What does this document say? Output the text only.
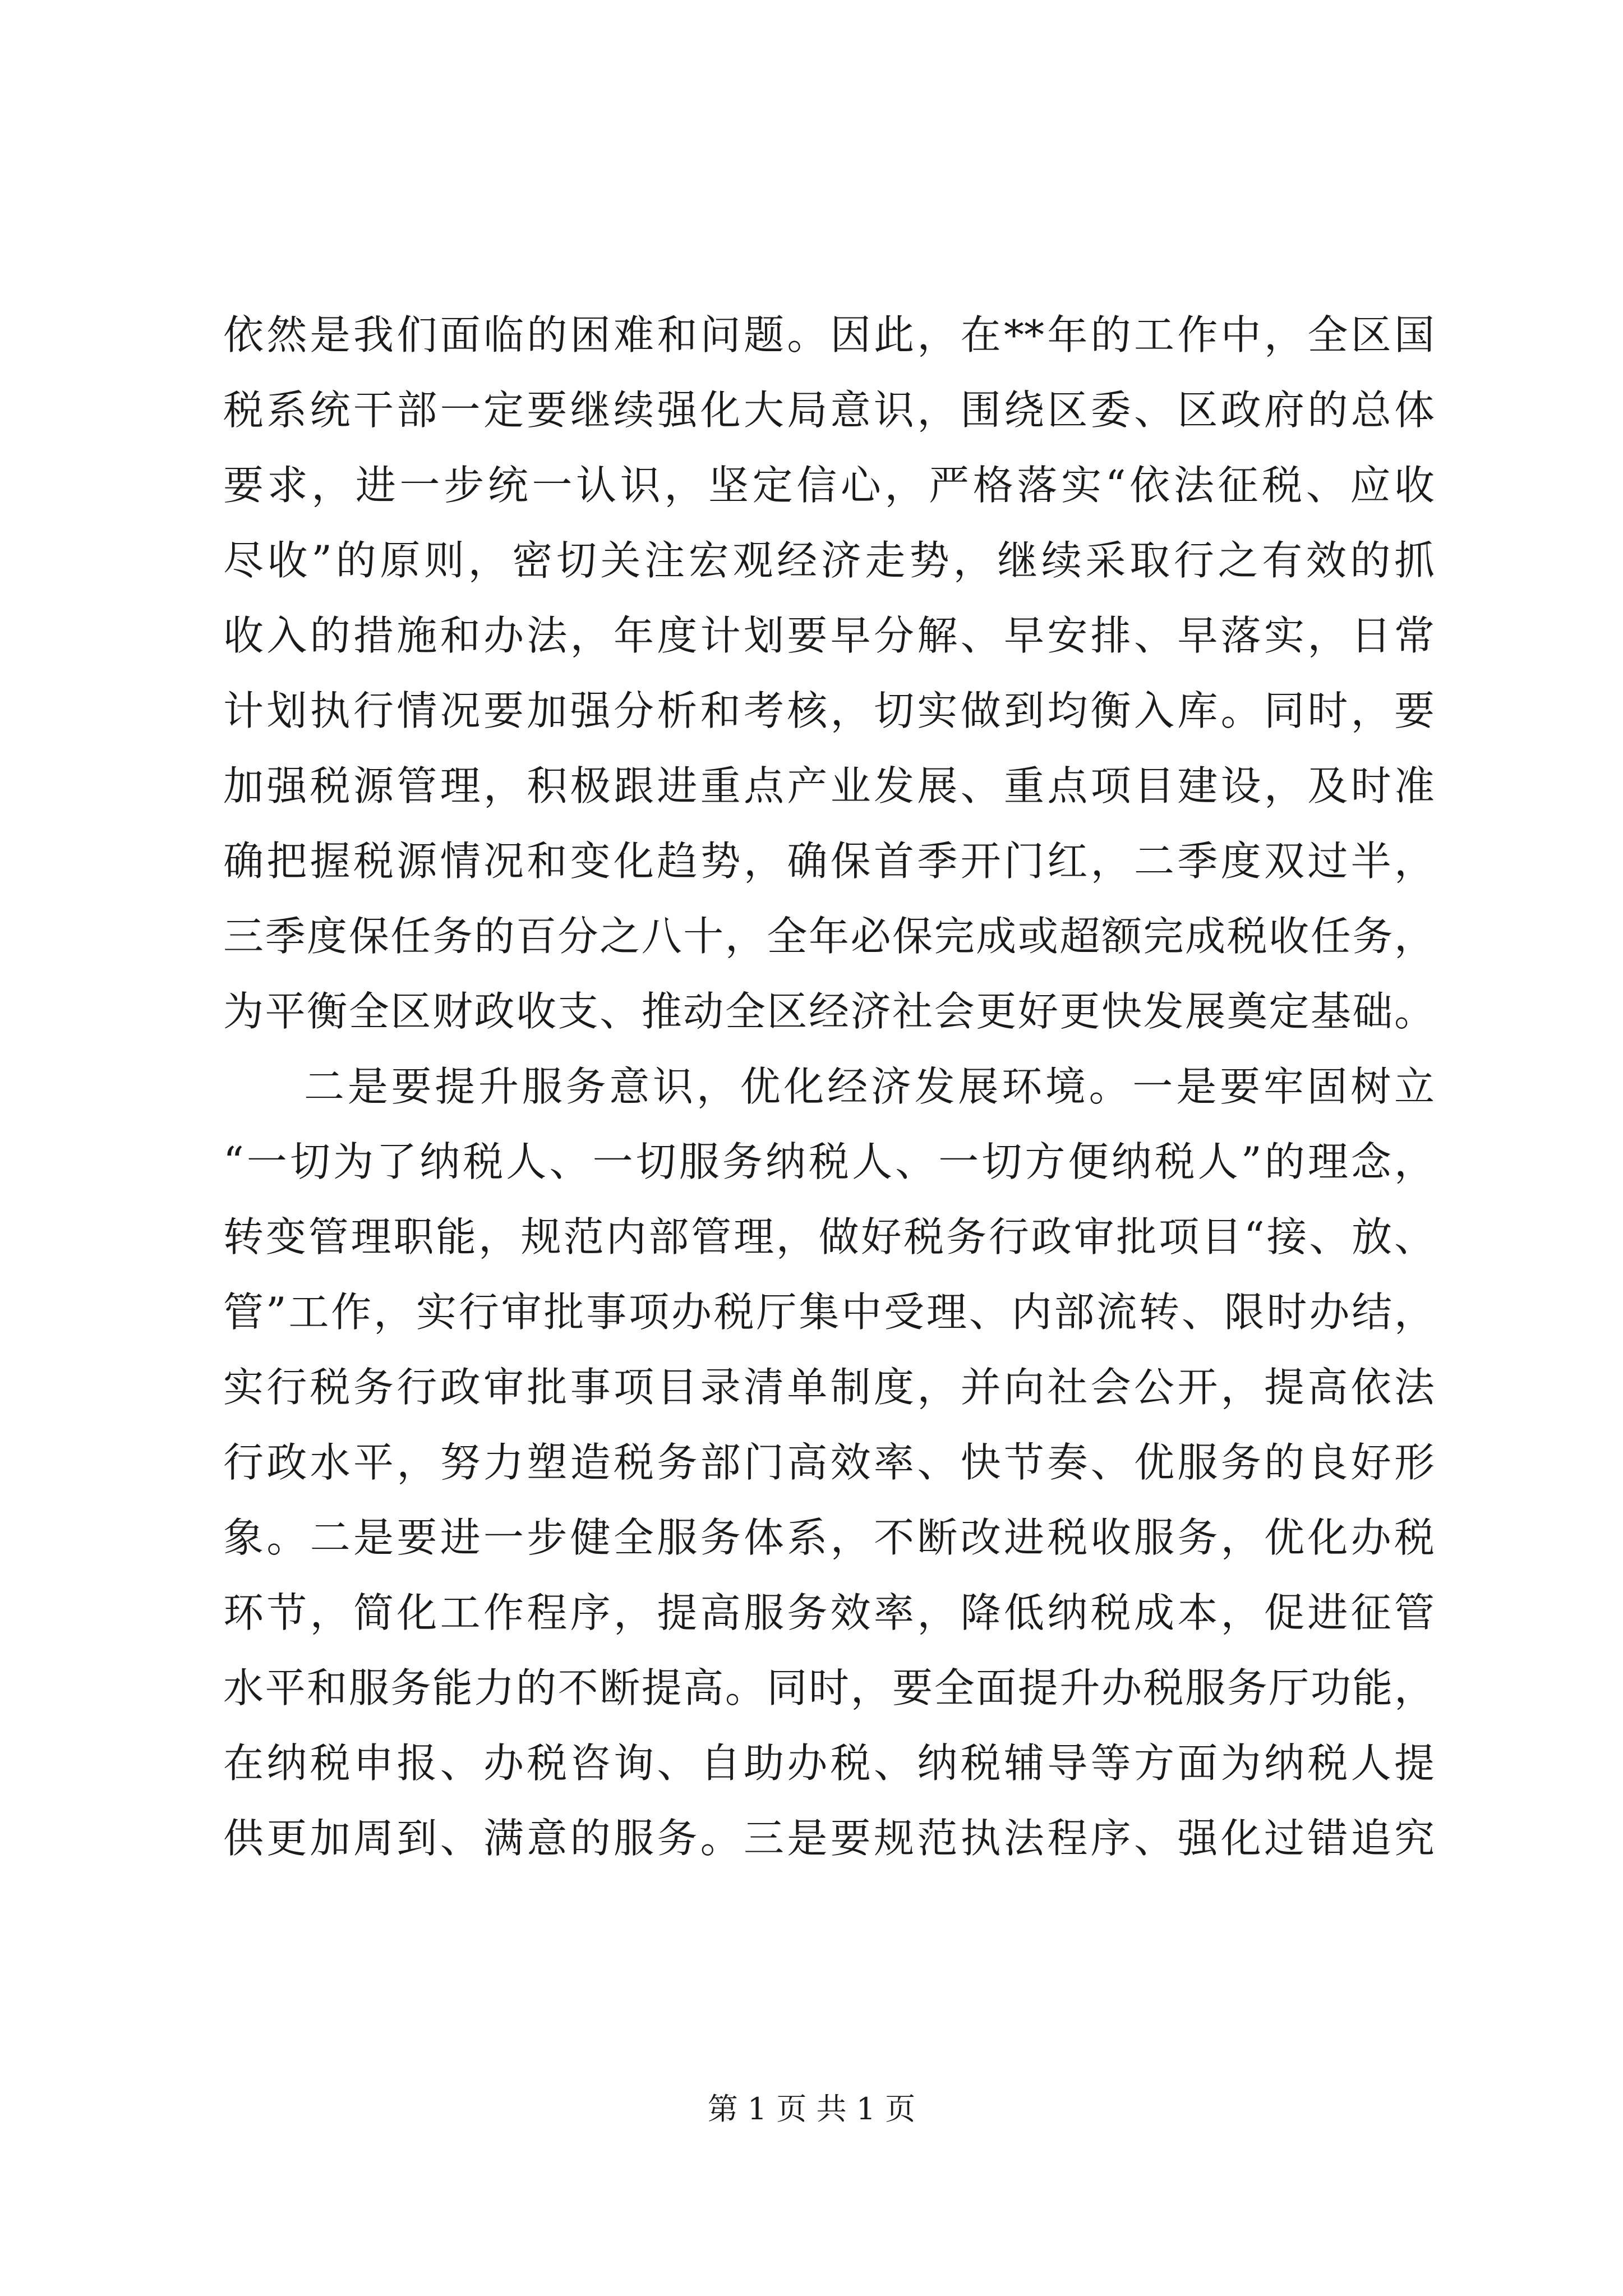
依然是我们面临的困难和问题。因此，在**年的工作中，全区国
税系统干部一定要继续强化大局意识，围绕区委、区政府的总体
要求，进一步统一认识，坚定信心，严格落实“依法征税、应收
尽收”的原则，密切关注宏观经济走势，继续采取行之有效的抓
收入的措施和办法，年度计划要早分解、早安排、早落实，日常
计划执行情况要加强分析和考核，切实做到均衡入库。同时，要
加强税源管理，积极跟进重点产业发展、重点项目建设，及时准
确把握税源情况和变化趋势，确保首季开门红，二季度双过半，
三季度保任务的百分之八十，全年必保完成或超额完成税收任务，
为平衡全区财政收支、推动全区经济社会更好更快发展奠定基础。
二是要提升服务意识，优化经济发展环境。一是要牢固树立
“一切为了纳税人、一切服务纳税人、一切方便纳税人”的理念，
转变管理职能，规范内部管理，做好税务行政审批项目“接、放、
管”工作，实行审批事项办税厅集中受理、内部流转、限时办结，
实行税务行政审批事项目录清单制度，并向社会公开，提高依法
行政水平，努力塑造税务部门高效率、快节奏、优服务的良好形
象。二是要进一步健全服务体系，不断改进税收服务，优化办税
环节，简化工作程序，提高服务效率，降低纳税成本，促进征管
水平和服务能力的不断提高。同时，要全面提升办税服务厅功能，
在纳税申报、办税咨询、自助办税、纳税辅导等方面为纳税人提
供更加周到、满意的服务。三是要规范执法程序、强化过错追究
第 1 页 共 1 页
